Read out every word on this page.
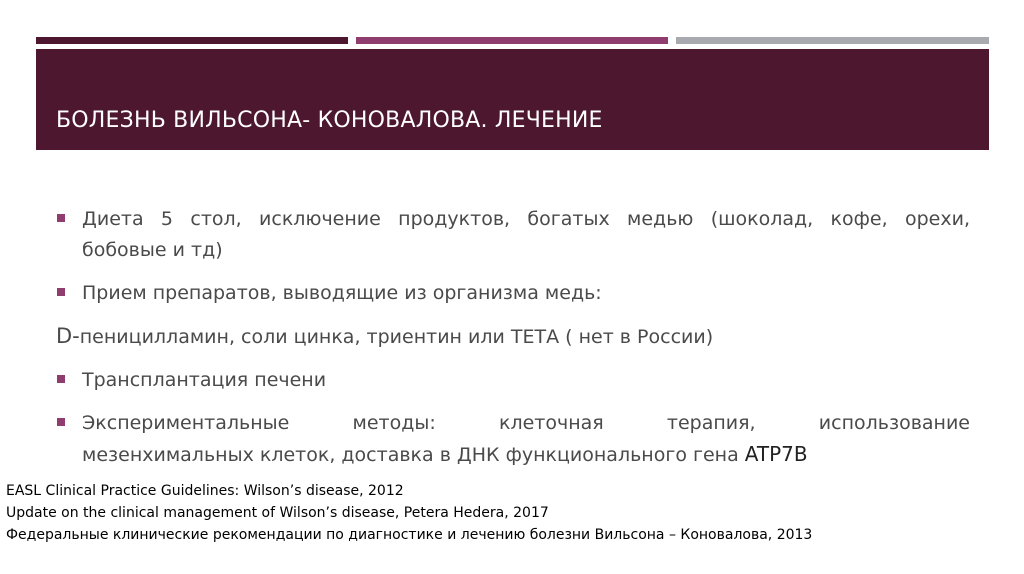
БОЛЕЗНЬ ВИЛЬСОНА- КОНОВАЛОВА. ЛЕЧЕНИЕ
Диета 5 стол, исключение продуктов, богатых медью (шоколад, кофе, орехи,
бобовые и тд)
Прием препаратов, выводящие из организма медь:
D-пеницилламин, соли цинка, триентин или ТЕТА ( нет в России)
Трансплантация печени
Экспериментальные методы: клеточная терапия, использование
мезенхимальных клеток, доставка в ДНК функционального гена ATP7B
EASL Clinical Practice Guidelines: Wilson’s disease, 2012
Update on the clinical management of Wilson’s disease, Petera Hedera, 2017
Федеральные клинические рекомендации по диагностике и лечению болезни Вильсона – Коновалова, 2013
